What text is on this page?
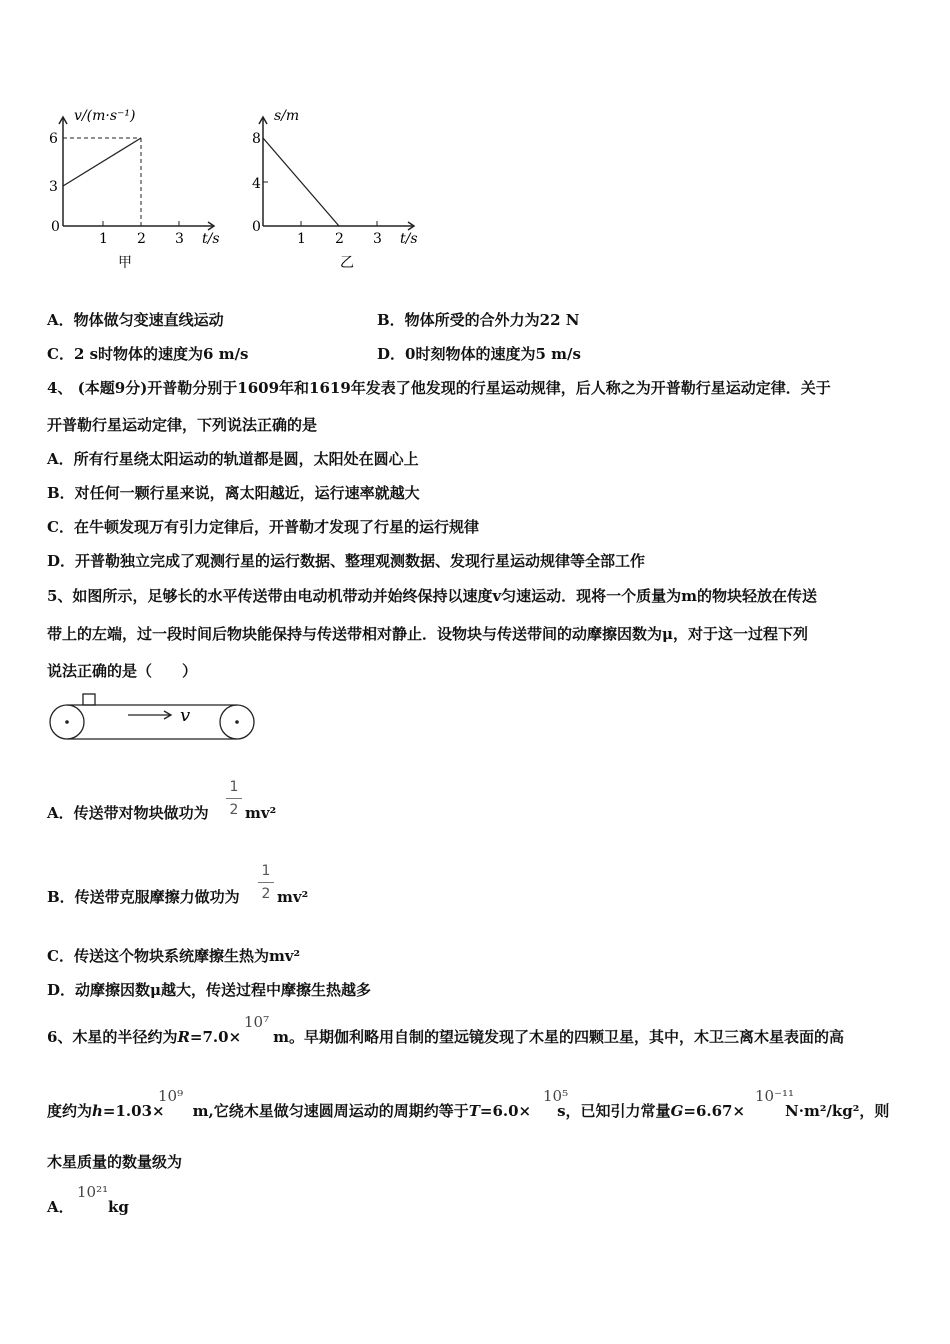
v/(m·s⁻¹)
6
3
0
1 2 3 t/s
甲
s/m
8
4
0
1 2 3 t/s
乙
A．物体做匀变速直线运动	B．物体所受的合外力为22 N
C．2 s时物体的速度为6 m/s	D．0时刻物体的速度为5 m/s
4、 (本题9分)开普勒分别于1609年和1619年发表了他发现的行星运动规律，后人称之为开普勒行星运动定律．关于
开普勒行星运动定律，下列说法正确的是
A．所有行星绕太阳运动的轨道都是圆，太阳处在圆心上
B．对任何一颗行星来说，离太阳越近，运行速率就越大
C．在牛顿发现万有引力定律后，开普勒才发现了行星的运行规律
D．开普勒独立完成了观测行星的运行数据、整理观测数据、发现行星运动规律等全部工作
5、如图所示，足够长的水平传送带由电动机带动并始终保持以速度v匀速运动．现将一个质量为m的物块轻放在传送
带上的左端，过一段时间后物块能保持与传送带相对静止．设物块与传送带间的动摩擦因数为μ，对于这一过程下列
说法正确的是（　　）
v
A．传送带对物块做功为
1
2 mv²
B．传送带克服摩擦力做功为
1
2 mv²
C．传送这个物块系统摩擦生热为mv²
D．动摩擦因数μ越大，传送过程中摩擦生热越多
6、木星的半径约为R=7.0× m。早期伽利略用自制的望远镜发现了木星的四颗卫星，其中，木卫三离木星表面的高
10⁷
度约为h=1.03× m,它绕木星做匀速圆周运动的周期约等于T=6.0× s，已知引力常量G=6.67×	N·m²/kg²，则
10⁹	10⁵	10⁻¹¹
木星质量的数量级为
A．
10²¹
kg
